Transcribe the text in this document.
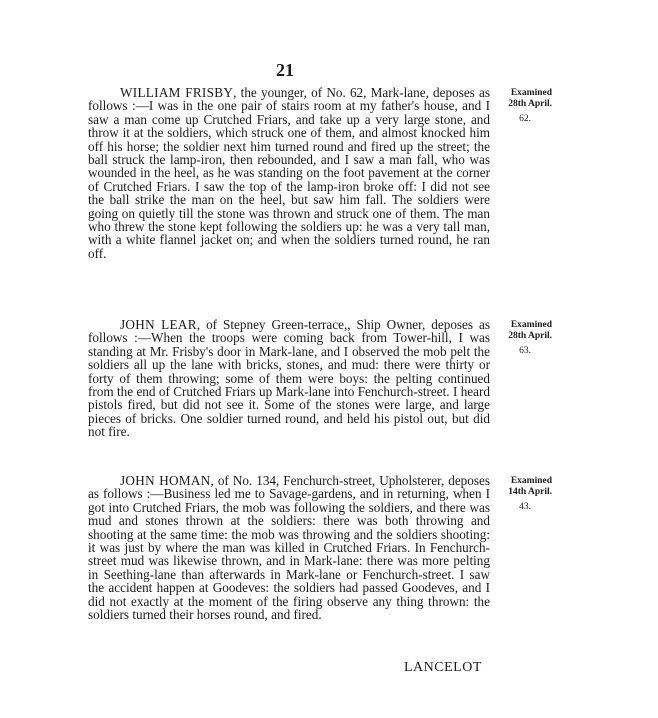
21

WILLIAM FRISBY, the younger, of No. 62, Mark-lane, deposes as follows :—I was in the one pair of stairs room at my father's house, and I saw a man come up Crutched Friars, and take up a very large stone, and throw it at the soldiers, which struck one of them, and almost knocked him off his horse; the soldier next him turned round and fired up the street; the ball struck the lamp-iron, then rebounded, and I saw a man fall, who was wounded in the heel, as he was standing on the foot pavement at the corner of Crutched Friars. I saw the top of the lamp-iron broke off: I did not see the ball strike the man on the heel, but saw him fall. The soldiers were going on quietly till the stone was thrown and struck one of them. The man who threw the stone kept following the soldiers up: he was a very tall man, with a white flannel jacket on; and when the soldiers turned round, he ran off.

Examined
28th April.
62.

JOHN LEAR, of Stepney Green-terrace,, Ship Owner, deposes as follows :—When the troops were coming back from Tower-hill, I was standing at Mr. Frisby's door in Mark-lane, and I observed the mob pelt the soldiers all up the lane with bricks, stones, and mud: there were thirty or forty of them throwing; some of them were boys: the pelting continued from the end of Crutched Friars up Mark-lane into Fenchurch-street. I heard pistols fired, but did not see it. Some of the stones were large, and large pieces of bricks. One soldier turned round, and held his pistol out, but did not fire.

Examined
28th April.
63.

JOHN HOMAN, of No. 134, Fenchurch-street, Upholsterer, deposes as follows :—Business led me to Savage-gardens, and in returning, when I got into Crutched Friars, the mob was following the soldiers, and there was mud and stones thrown at the soldiers: there was both throwing and shooting at the same time: the mob was throwing and the soldiers shooting: it was just by where the man was killed in Crutched Friars. In Fenchurch-street mud was likewise thrown, and in Mark-lane: there was more pelting in Seething-lane than afterwards in Mark-lane or Fenchurch-street. I saw the accident happen at Goodeves: the soldiers had passed Goodeves, and I did not exactly at the moment of the firing observe any thing thrown: the soldiers turned their horses round, and fired.

Examined
14th April.
43.
LANCELOT
